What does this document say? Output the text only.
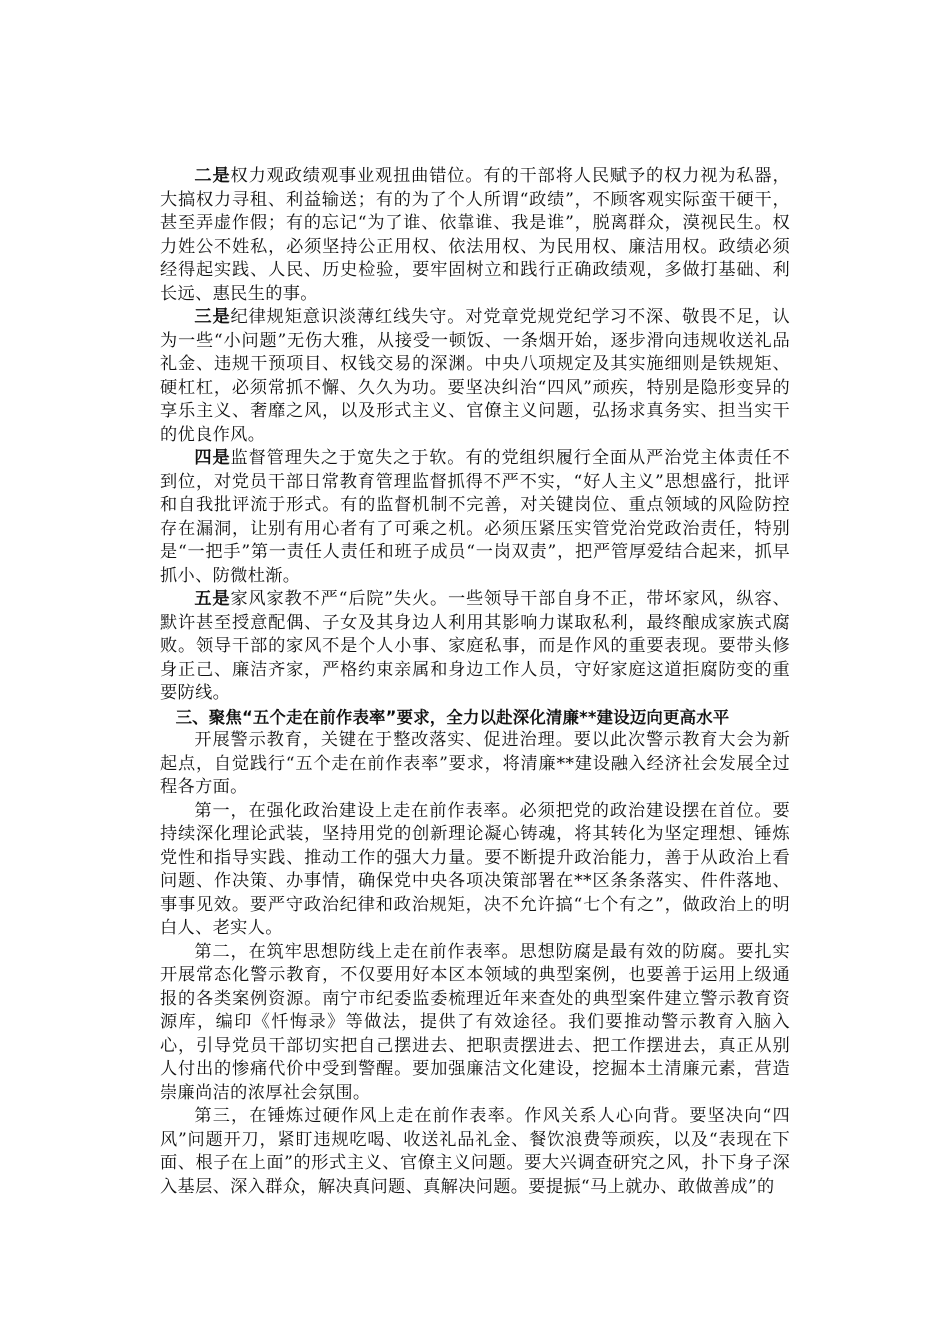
二是权力观政绩观事业观扭曲错位。有的干部将人民赋予的权力视为私器，大搞权力寻租、利益输送；有的为了个人所谓“政绩”，不顾客观实际蛮干硬干，甚至弄虚作假；有的忘记“为了谁、依靠谁、我是谁”，脱离群众，漠视民生。权力姓公不姓私，必须坚持公正用权、依法用权、为民用权、廉洁用权。政绩必须经得起实践、人民、历史检验，要牢固树立和践行正确政绩观，多做打基础、利长远、惠民生的事。

三是纪律规矩意识淡薄红线失守。对党章党规党纪学习不深、敬畏不足，认为一些“小问题”无伤大雅，从接受一顿饭、一条烟开始，逐步滑向违规收送礼品礼金、违规干预项目、权钱交易的深渊。中央八项规定及其实施细则是铁规矩、硬杠杠，必须常抓不懈、久久为功。要坚决纠治“四风”顽疾，特别是隐形变异的享乐主义、奢靡之风，以及形式主义、官僚主义问题，弘扬求真务实、担当实干的优良作风。

四是监督管理失之于宽失之于软。有的党组织履行全面从严治党主体责任不到位，对党员干部日常教育管理监督抓得不严不实，“好人主义”思想盛行，批评和自我批评流于形式。有的监督机制不完善，对关键岗位、重点领域的风险防控存在漏洞，让别有用心者有了可乘之机。必须压紧压实管党治党政治责任，特别是“一把手”第一责任人责任和班子成员“一岗双责”，把严管厚爱结合起来，抓早抓小、防微杜渐。

五是家风家教不严“后院”失火。一些领导干部自身不正，带坏家风，纵容、默许甚至授意配偶、子女及其身边人利用其影响力谋取私利，最终酿成家族式腐败。领导干部的家风不是个人小事、家庭私事，而是作风的重要表现。要带头修身正己、廉洁齐家，严格约束亲属和身边工作人员，守好家庭这道拒腐防变的重要防线。

三、聚焦“五个走在前作表率”要求，全力以赴深化清廉**建设迈向更高水平

开展警示教育，关键在于整改落实、促进治理。要以此次警示教育大会为新起点，自觉践行“五个走在前作表率”要求，将清廉**建设融入经济社会发展全过程各方面。

第一，在强化政治建设上走在前作表率。必须把党的政治建设摆在首位。要持续深化理论武装，坚持用党的创新理论凝心铸魂，将其转化为坚定理想、锤炼党性和指导实践、推动工作的强大力量。要不断提升政治能力，善于从政治上看问题、作决策、办事情，确保党中央各项决策部署在**区条条落实、件件落地、事事见效。要严守政治纪律和政治规矩，决不允许搞“七个有之”，做政治上的明白人、老实人。

第二，在筑牢思想防线上走在前作表率。思想防腐是最有效的防腐。要扎实开展常态化警示教育，不仅要用好本区本领域的典型案例，也要善于运用上级通报的各类案例资源。南宁市纪委监委梳理近年来查处的典型案件建立警示教育资源库，编印《忏悔录》等做法，提供了有效途径。我们要推动警示教育入脑入心，引导党员干部切实把自己摆进去、把职责摆进去、把工作摆进去，真正从别人付出的惨痛代价中受到警醒。要加强廉洁文化建设，挖掘本土清廉元素，营造崇廉尚洁的浓厚社会氛围。

第三，在锤炼过硬作风上走在前作表率。作风关系人心向背。要坚决向“四风”问题开刀，紧盯违规吃喝、收送礼品礼金、餐饮浪费等顽疾，以及“表现在下面、根子在上面”的形式主义、官僚主义问题。要大兴调查研究之风，扑下身子深入基层、深入群众，解决真问题、真解决问题。要提振“马上就办、敢做善成”的
